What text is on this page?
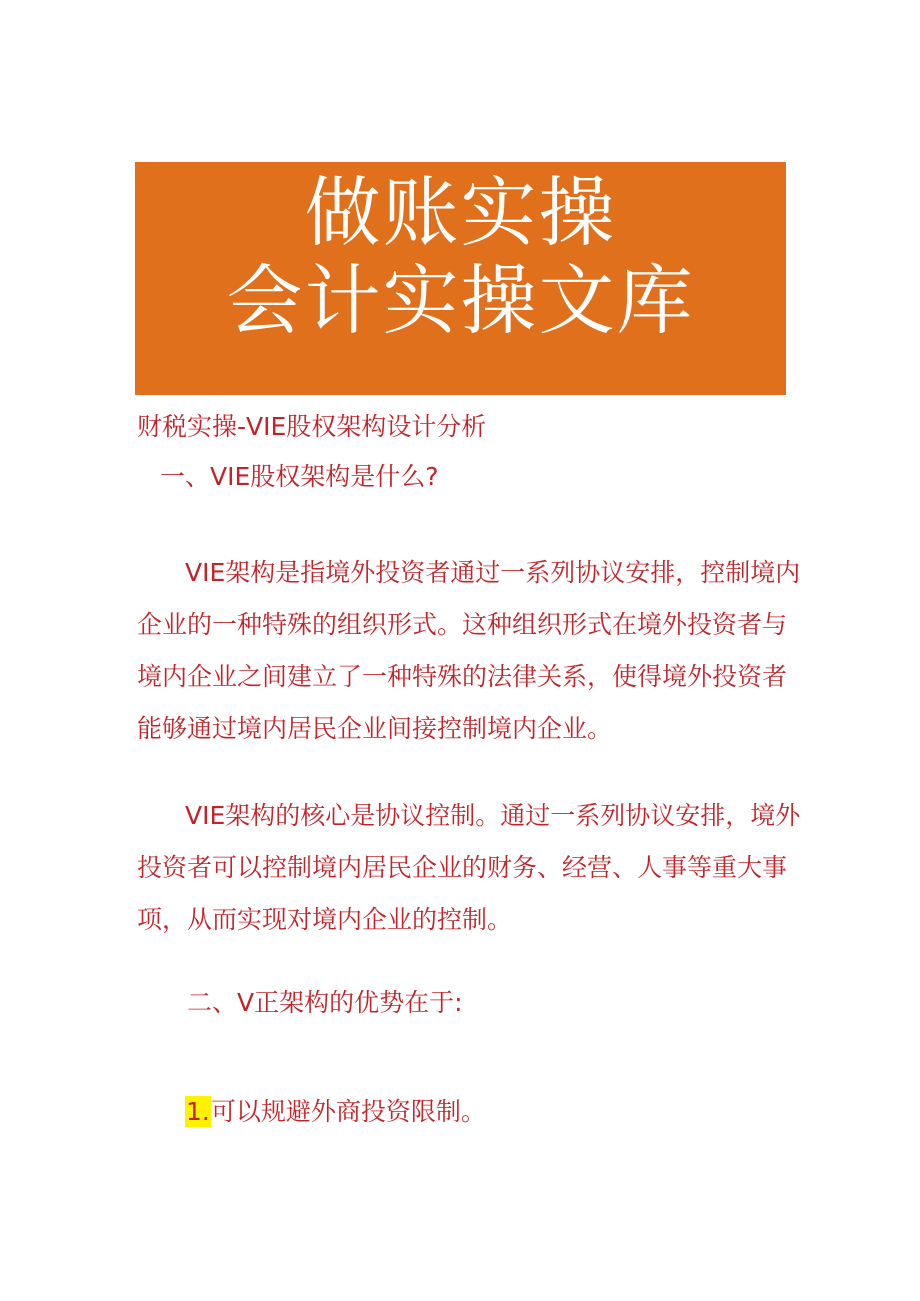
做账实操
会计实操文库
财税实操-VIE股权架构设计分析
一、VIE股权架构是什么?
VIE架构是指境外投资者通过一系列协议安排，控制境内
企业的一种特殊的组织形式。这种组织形式在境外投资者与
境内企业之间建立了一种特殊的法律关系，使得境外投资者
能够通过境内居民企业间接控制境内企业。
VIE架构的核心是协议控制。通过一系列协议安排，境外
投资者可以控制境内居民企业的财务、经营、人事等重大事
项，从而实现对境内企业的控制。
二、V正架构的优势在于:
1.可以规避外商投资限制。
